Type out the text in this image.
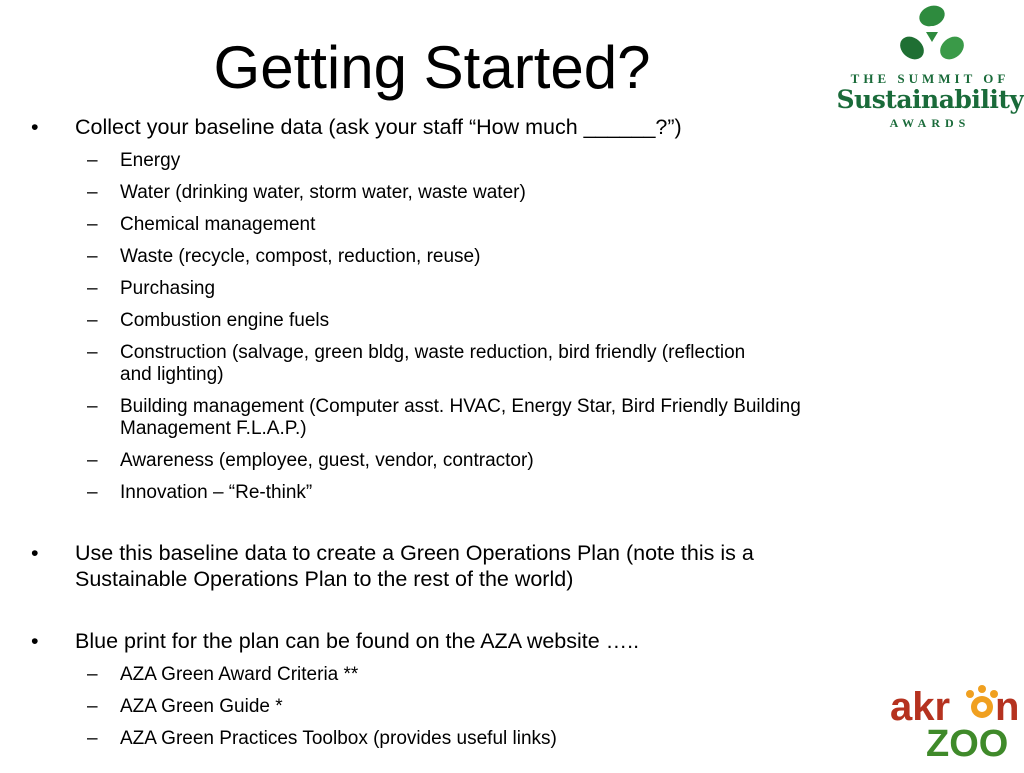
Getting Started?	THE SUMMIT OF
Sustainability
AWARDS
akr n
ZOO
• Collect your baseline data (ask your staff “How much ______?”)
– Energy
– Water (drinking water, storm water, waste water)
– Chemical management
– Waste (recycle, compost, reduction, reuse)
– Purchasing
– Combustion engine fuels
– Construction (salvage, green bldg, waste reduction, bird friendly (reflection and lighting)
– Building management (Computer asst. HVAC, Energy Star, Bird Friendly Building Management F.L.A.P.)
– Awareness (employee, guest, vendor, contractor)
– Innovation – “Re-think”
• Use this baseline data to create a Green Operations Plan (note this is a Sustainable Operations Plan to the rest of the world)
• Blue print for the plan can be found on the AZA website …..
– AZA Green Award Criteria **
– AZA Green Guide *
– AZA Green Practices Toolbox (provides useful links)
